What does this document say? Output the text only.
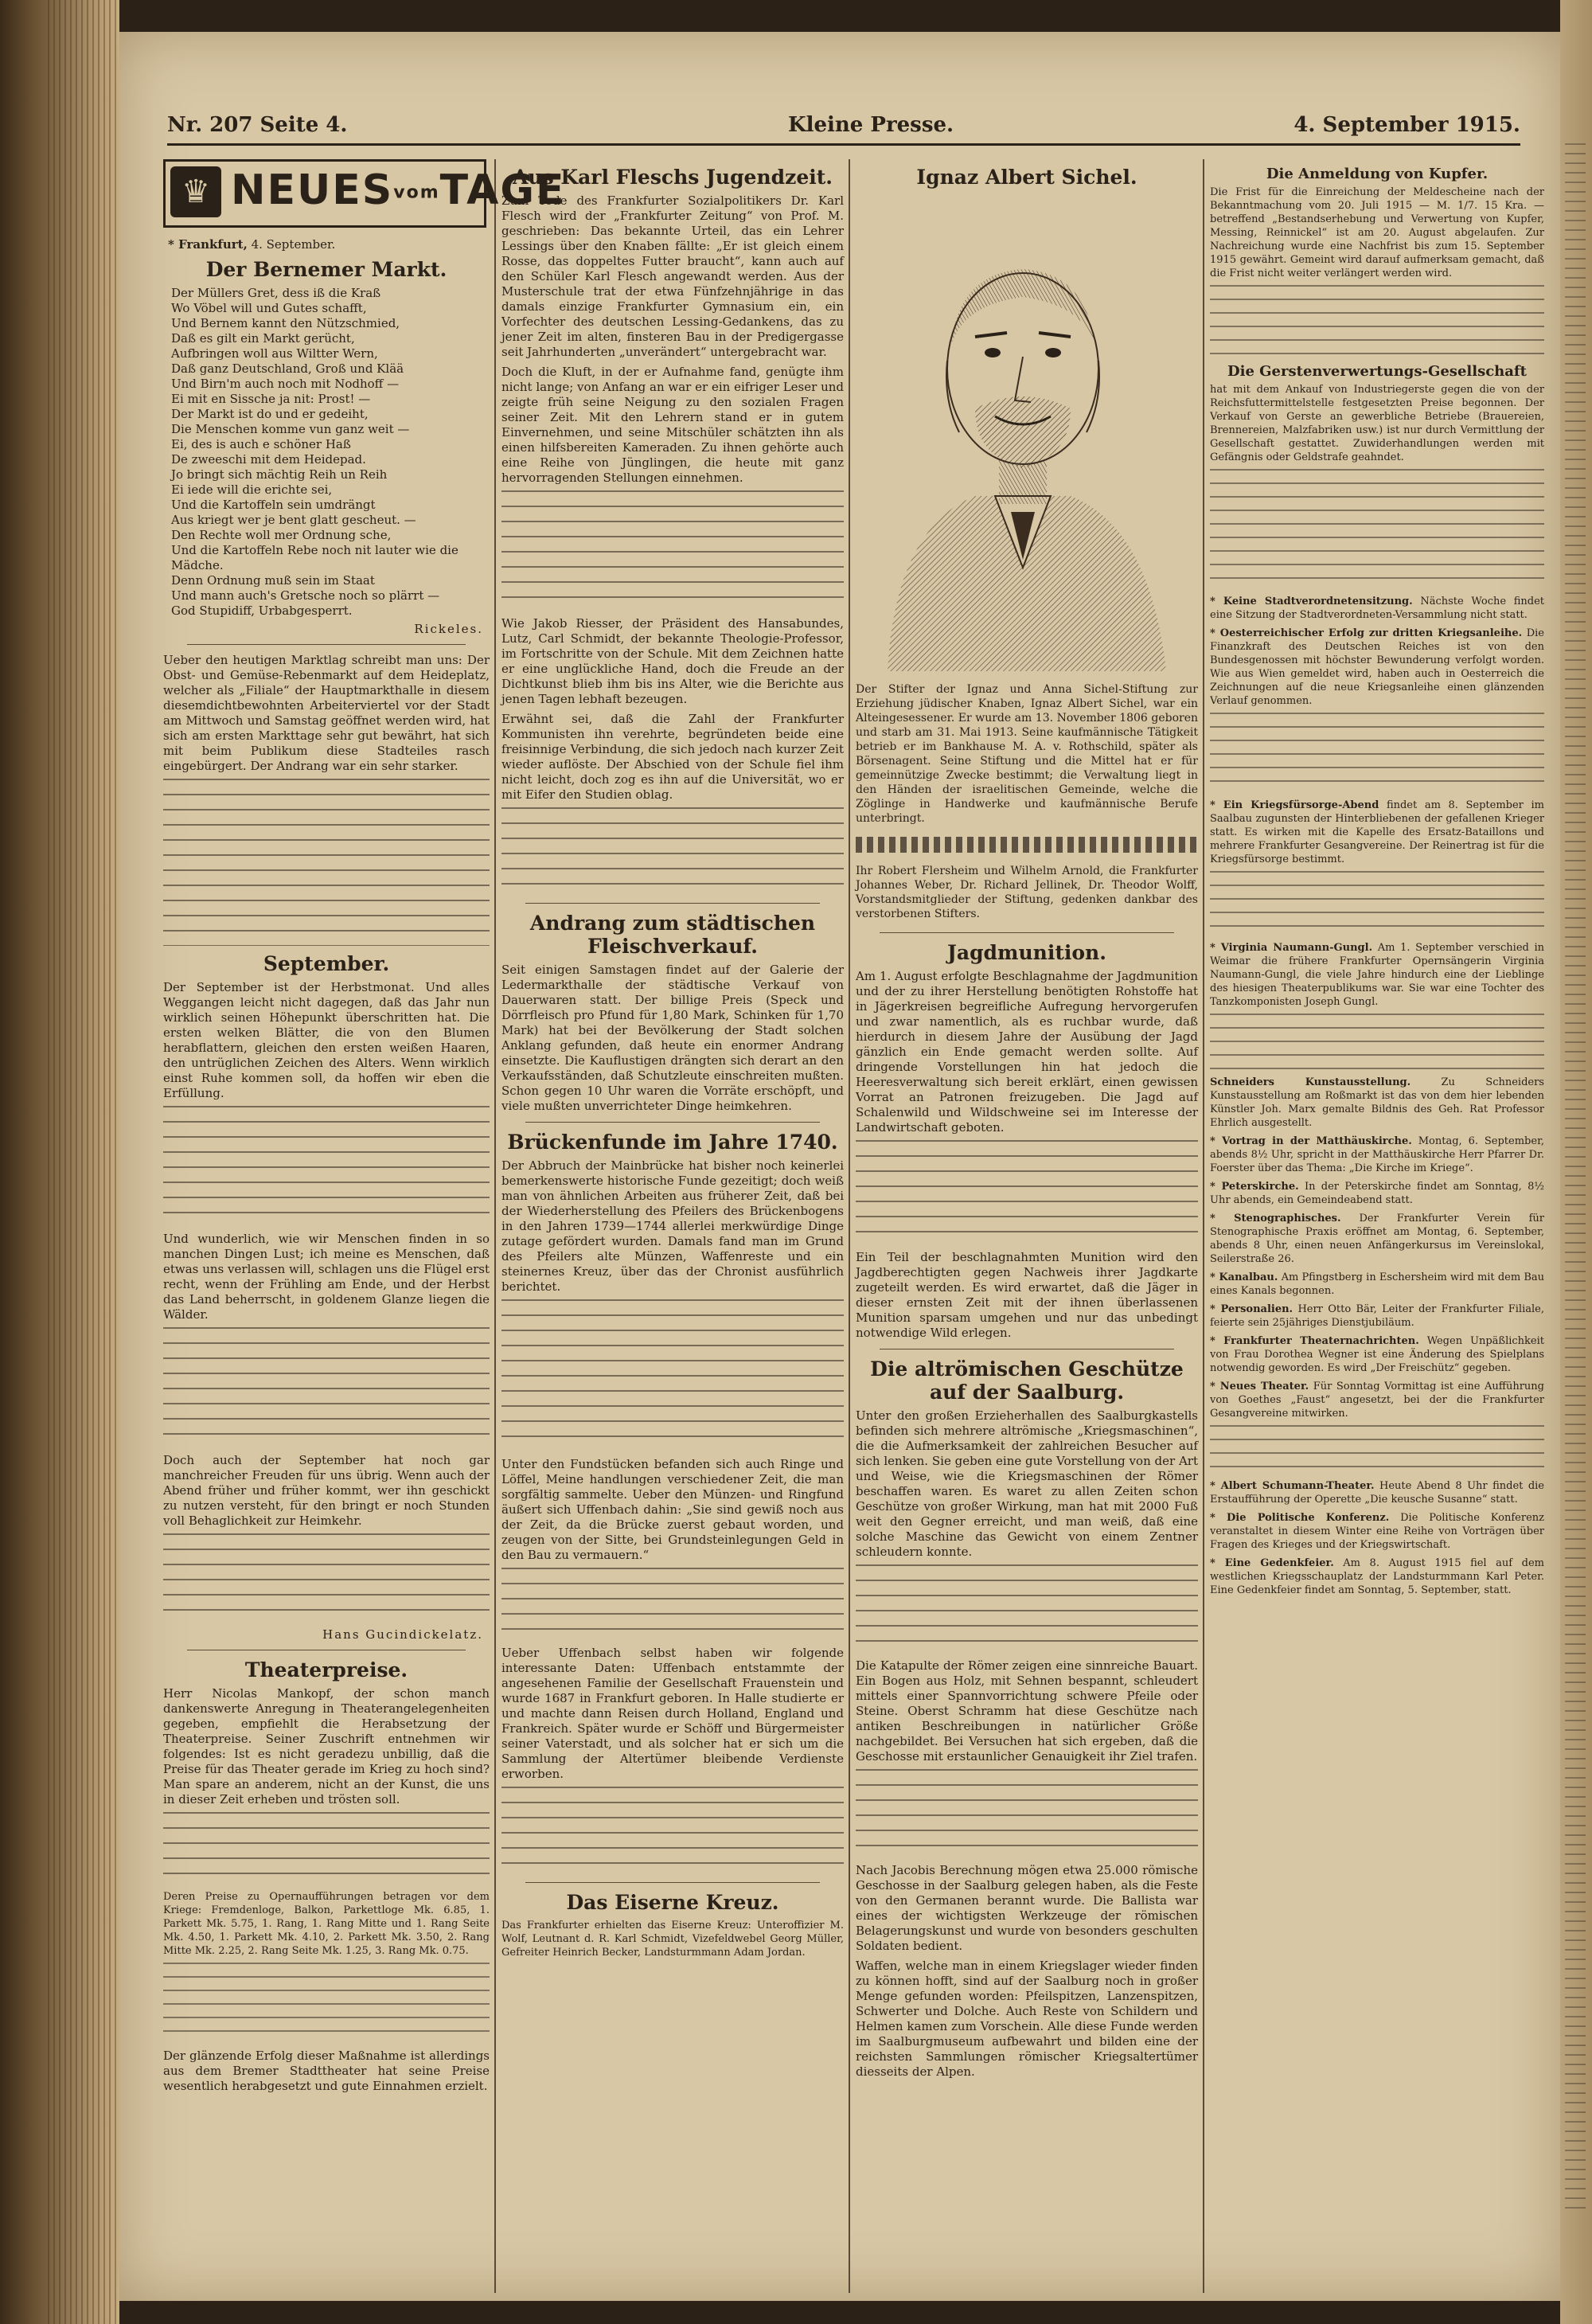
Nr. 207 Seite 4.	Kleine Presse.	4. September 1915.
♛ NEUESvomTAGE
* Frankfurt, 4. September.
Der Bernemer Markt.
Der Müllers Gret, dess iß die Kraß
Wo Vöbel will und Gutes schafft,
Und Bernem kannt den Nützschmied,
Daß es gilt ein Markt gerücht,
Aufbringen woll aus Wiltter Wern,
Daß ganz Deutschland, Groß und Klää
Und Birn'm auch noch mit Nodhoff —
Ei mit en Sissche ja nit: Prost! —
Der Markt ist do und er gedeiht,
Die Menschen komme vun ganz weit —
Ei, des is auch e schöner Haß
De zweeschi mit dem Heidepad.
Jo bringt sich mächtig Reih un Reih
Ei iede will die erichte sei,
Und die Kartoffeln sein umdrängt
Aus kriegt wer je bent glatt gescheut. —
Den Rechte woll mer Ordnung sche,
Und die Kartoffeln Rebe noch nit lauter wie die Mädche.
Denn Ordnung muß sein im Staat
Und mann auch's Gretsche noch so plärrt —
God Stupidiff, Urbabgesperrt.
Rickeles.

Ueber den heutigen Marktlag schreibt man uns: Der Obst- und Gemüse-Rebenmarkt auf dem Heideplatz, welcher als „Filiale“ der Hauptmarkthalle in diesem diesemdichtbewohnten Arbeiterviertel vor der Stadt am Mittwoch und Samstag geöffnet werden wird, hat sich am ersten Markttage sehr gut bewährt, hat sich mit beim Publikum diese Stadteiles rasch eingebürgert. Der Andrang war ein sehr starker.

September.

Der September ist der Herbstmonat. Und alles Weggangen leicht nicht dagegen, daß das Jahr nun wirklich seinen Höhepunkt überschritten hat. Die ersten welken Blätter, die von den Blumen herabflattern, gleichen den ersten weißen Haaren, den untrüglichen Zeichen des Alters. Wenn wirklich einst Ruhe kommen soll, da hoffen wir eben die Erfüllung.

Und wunderlich, wie wir Menschen finden in so manchen Dingen Lust; ich meine es Menschen, daß etwas uns verlassen will, schlagen uns die Flügel erst recht, wenn der Frühling am Ende, und der Herbst das Land beherrscht, in goldenem Glanze liegen die Wälder.

Doch auch der September hat noch gar manchreicher Freuden für uns übrig. Wenn auch der Abend früher und früher kommt, wer ihn geschickt zu nutzen versteht, für den bringt er noch Stunden voll Behaglichkeit zur Heimkehr.

Hans Gucindickelatz.
Theaterpreise.

Herr Nicolas Mankopf, der schon manch dankenswerte Anregung in Theaterangelegenheiten gegeben, empfiehlt die Herabsetzung der Theaterpreise. Seiner Zuschrift entnehmen wir folgendes: Ist es nicht geradezu unbillig, daß die Preise für das Theater gerade im Krieg zu hoch sind? Man spare an anderem, nicht an der Kunst, die uns in dieser Zeit erheben und trösten soll.

Deren Preise zu Opernaufführungen betragen vor dem Kriege: Fremdenloge, Balkon, Parkettloge Mk. 6.85, 1. Parkett Mk. 5.75, 1. Rang, 1. Rang Mitte und 1. Rang Seite Mk. 4.50, 1. Parkett Mk. 4.10, 2. Parkett Mk. 3.50, 2. Rang Mitte Mk. 2.25, 2. Rang Seite Mk. 1.25, 3. Rang Mk. 0.75.

Der glänzende Erfolg dieser Maßnahme ist allerdings aus dem Bremer Stadttheater hat seine Preise wesentlich herabgesetzt und gute Einnahmen erzielt.

Aus Karl Fleschs Jugendzeit.

Zum Tode des Frankfurter Sozialpolitikers Dr. Karl Flesch wird der „Frankfurter Zeitung“ von Prof. M. geschrieben: Das bekannte Urteil, das ein Lehrer Lessings über den Knaben fällte: „Er ist gleich einem Rosse, das doppeltes Futter braucht“, kann auch auf den Schüler Karl Flesch angewandt werden. Aus der Musterschule trat der etwa Fünfzehnjährige in das damals einzige Frankfurter Gymnasium ein, ein Vorfechter des deutschen Lessing-Gedankens, das zu jener Zeit im alten, finsteren Bau in der Predigergasse seit Jahrhunderten „unverändert“ untergebracht war.

Doch die Kluft, in der er Aufnahme fand, genügte ihm nicht lange; von Anfang an war er ein eifriger Leser und zeigte früh seine Neigung zu den sozialen Fragen seiner Zeit. Mit den Lehrern stand er in gutem Einvernehmen, und seine Mitschüler schätzten ihn als einen hilfsbereiten Kameraden. Zu ihnen gehörte auch eine Reihe von Jünglingen, die heute mit ganz hervorragenden Stellungen einnehmen.

Wie Jakob Riesser, der Präsident des Hansabundes, Lutz, Carl Schmidt, der bekannte Theologie-Professor, im Fortschritte von der Schule. Mit dem Zeichnen hatte er eine unglückliche Hand, doch die Freude an der Dichtkunst blieb ihm bis ins Alter, wie die Berichte aus jenen Tagen lebhaft bezeugen.

Erwähnt sei, daß die Zahl der Frankfurter Kommunisten ihn verehrte, begründeten beide eine freisinnige Verbindung, die sich jedoch nach kurzer Zeit wieder auflöste. Der Abschied von der Schule fiel ihm nicht leicht, doch zog es ihn auf die Universität, wo er mit Eifer den Studien oblag.

Andrang zum städtischen Fleischverkauf.

Seit einigen Samstagen findet auf der Galerie der Ledermarkthalle der städtische Verkauf von Dauerwaren statt. Der billige Preis (Speck und Dörrfleisch pro Pfund für 1,80 Mark, Schinken für 1,70 Mark) hat bei der Bevölkerung der Stadt solchen Anklang gefunden, daß heute ein enormer Andrang einsetzte. Die Kauflustigen drängten sich derart an den Verkaufsständen, daß Schutzleute einschreiten mußten. Schon gegen 10 Uhr waren die Vorräte erschöpft, und viele mußten unverrichteter Dinge heimkehren.

Brückenfunde im Jahre 1740.

Der Abbruch der Mainbrücke hat bisher noch keinerlei bemerkenswerte historische Funde gezeitigt; doch weiß man von ähnlichen Arbeiten aus früherer Zeit, daß bei der Wiederherstellung des Pfeilers des Brückenbogens in den Jahren 1739—1744 allerlei merkwürdige Dinge zutage gefördert wurden. Damals fand man im Grund des Pfeilers alte Münzen, Waffenreste und ein steinernes Kreuz, über das der Chronist ausführlich berichtet.

Unter den Fundstücken befanden sich auch Ringe und Löffel, Meine handlungen verschiedener Zeit, die man sorgfältig sammelte. Ueber den Münzen- und Ringfund äußert sich Uffenbach dahin: „Sie sind gewiß noch aus der Zeit, da die Brücke zuerst gebaut worden, und zeugen von der Sitte, bei Grundsteinlegungen Geld in den Bau zu vermauern.“

Ueber Uffenbach selbst haben wir folgende interessante Daten: Uffenbach entstammte der angesehenen Familie der Gesellschaft Frauenstein und wurde 1687 in Frankfurt geboren. In Halle studierte er und machte dann Reisen durch Holland, England und Frankreich. Später wurde er Schöff und Bürgermeister seiner Vaterstadt, und als solcher hat er sich um die Sammlung der Altertümer bleibende Verdienste erworben.

Das Eiserne Kreuz.

Das Frankfurter erhielten das Eiserne Kreuz: Unteroffizier M. Wolf, Leutnant d. R. Karl Schmidt, Vizefeldwebel Georg Müller, Gefreiter Heinrich Becker, Landsturmmann Adam Jordan.

Ignaz Albert Sichel.

Der Stifter der Ignaz und Anna Sichel-Stiftung zur Erziehung jüdischer Knaben, Ignaz Albert Sichel, war ein Alteingesessener. Er wurde am 13. November 1806 geboren und starb am 31. Mai 1913. Seine kaufmännische Tätigkeit betrieb er im Bankhause M. A. v. Rothschild, später als Börsenagent. Seine Stiftung und die Mittel hat er für gemeinnützige Zwecke bestimmt; die Verwaltung liegt in den Händen der israelitischen Gemeinde, welche die Zöglinge in Handwerke und kaufmännische Berufe unterbringt.

Ihr Robert Flersheim und Wilhelm Arnold, die Frankfurter Johannes Weber, Dr. Richard Jellinek, Dr. Theodor Wolff, Vorstandsmitglieder der Stiftung, gedenken dankbar des verstorbenen Stifters.

Jagdmunition.

Am 1. August erfolgte Beschlagnahme der Jagdmunition und der zu ihrer Herstellung benötigten Rohstoffe hat in Jägerkreisen begreifliche Aufregung hervorgerufen und zwar namentlich, als es ruchbar wurde, daß hierdurch in diesem Jahre der Ausübung der Jagd gänzlich ein Ende gemacht werden sollte. Auf dringende Vorstellungen hin hat jedoch die Heeresverwaltung sich bereit erklärt, einen gewissen Vorrat an Patronen freizugeben. Die Jagd auf Schalenwild und Wildschweine sei im Interesse der Landwirtschaft geboten.

Ein Teil der beschlagnahmten Munition wird den Jagdberechtigten gegen Nachweis ihrer Jagdkarte zugeteilt werden. Es wird erwartet, daß die Jäger in dieser ernsten Zeit mit der ihnen überlassenen Munition sparsam umgehen und nur das unbedingt notwendige Wild erlegen.

Die altrömischen Geschütze auf der Saalburg.

Unter den großen Erzieherhallen des Saalburgkastells befinden sich mehrere altrömische „Kriegsmaschinen“, die die Aufmerksamkeit der zahlreichen Besucher auf sich lenken. Sie geben eine gute Vorstellung von der Art und Weise, wie die Kriegsmaschinen der Römer beschaffen waren. Es waret zu allen Zeiten schon Geschütze von großer Wirkung, man hat mit 2000 Fuß weit den Gegner erreicht, und man weiß, daß eine solche Maschine das Gewicht von einem Zentner schleudern konnte.

Die Katapulte der Römer zeigen eine sinnreiche Bauart. Ein Bogen aus Holz, mit Sehnen bespannt, schleudert mittels einer Spannvorrichtung schwere Pfeile oder Steine. Oberst Schramm hat diese Geschütze nach antiken Beschreibungen in natürlicher Größe nachgebildet. Bei Versuchen hat sich ergeben, daß die Geschosse mit erstaunlicher Genauigkeit ihr Ziel trafen.

Nach Jacobis Berechnung mögen etwa 25.000 römische Geschosse in der Saalburg gelegen haben, als die Feste von den Germanen berannt wurde. Die Ballista war eines der wichtigsten Werkzeuge der römischen Belagerungskunst und wurde von besonders geschulten Soldaten bedient.

Waffen, welche man in einem Kriegslager wieder finden zu können hofft, sind auf der Saalburg noch in großer Menge gefunden worden: Pfeilspitzen, Lanzenspitzen, Schwerter und Dolche. Auch Reste von Schildern und Helmen kamen zum Vorschein. Alle diese Funde werden im Saalburgmuseum aufbewahrt und bilden eine der reichsten Sammlungen römischer Kriegsaltertümer diesseits der Alpen.

Die Anmeldung von Kupfer.

Die Frist für die Einreichung der Meldescheine nach der Bekanntmachung vom 20. Juli 1915 — M. 1/7. 15 Kra. — betreffend „Bestandserhebung und Verwertung von Kupfer, Messing, Reinnickel“ ist am 20. August abgelaufen. Zur Nachreichung wurde eine Nachfrist bis zum 15. September 1915 gewährt. Gemeint wird darauf aufmerksam gemacht, daß die Frist nicht weiter verlängert werden wird.

Die Gerstenverwertungs-Gesellschaft

hat mit dem Ankauf von Industriegerste gegen die von der Reichsfuttermittelstelle festgesetzten Preise begonnen. Der Verkauf von Gerste an gewerbliche Betriebe (Brauereien, Brennereien, Malzfabriken usw.) ist nur durch Vermittlung der Gesellschaft gestattet. Zuwiderhandlungen werden mit Gefängnis oder Geldstrafe geahndet.

* Keine Stadtverordnetensitzung. Nächste Woche findet eine Sitzung der Stadtverordneten-Versammlung nicht statt.

* Oesterreichischer Erfolg zur dritten Kriegsanleihe. Die Finanzkraft des Deutschen Reiches ist von den Bundesgenossen mit höchster Bewunderung verfolgt worden. Wie aus Wien gemeldet wird, haben auch in Oesterreich die Zeichnungen auf die neue Kriegsanleihe einen glänzenden Verlauf genommen.

* Ein Kriegsfürsorge-Abend findet am 8. September im Saalbau zugunsten der Hinterbliebenen der gefallenen Krieger statt. Es wirken mit die Kapelle des Ersatz-Bataillons und mehrere Frankfurter Gesangvereine. Der Reinertrag ist für die Kriegsfürsorge bestimmt.

* Virginia Naumann-Gungl. Am 1. September verschied in Weimar die frühere Frankfurter Opernsängerin Virginia Naumann-Gungl, die viele Jahre hindurch eine der Lieblinge des hiesigen Theaterpublikums war. Sie war eine Tochter des Tanzkomponisten Joseph Gungl.

Schneiders Kunstausstellung.	Zu Schneiders Kunstausstellung am Roßmarkt ist das von dem hier lebenden Künstler Joh. Marx gemalte Bildnis des Geh. Rat Professor Ehrlich ausgestellt.

* Vortrag in der Matthäuskirche. Montag, 6. September, abends 8½ Uhr, spricht in der Matthäuskirche Herr Pfarrer Dr. Foerster über das Thema: „Die Kirche im Kriege“.

* Peterskirche. In der Peterskirche findet am Sonntag, 8½ Uhr abends, ein Gemeindeabend statt.

* Stenographisches. Der Frankfurter Verein für Stenographische Praxis eröffnet am Montag, 6. September, abends 8 Uhr, einen neuen Anfängerkursus im Vereinslokal, Seilerstraße 26.

* Kanalbau. Am Pfingstberg in Eschersheim wird mit dem Bau eines Kanals begonnen.

* Personalien. Herr Otto Bär, Leiter der Frankfurter Filiale, feierte sein 25jähriges Dienstjubiläum.

* Frankfurter Theaternachrichten. Wegen Unpäßlichkeit von Frau Dorothea Wegner ist eine Änderung des Spielplans notwendig geworden. Es wird „Der Freischütz“ gegeben.

* Neues Theater. Für Sonntag Vormittag ist eine Aufführung von Goethes „Faust“ angesetzt, bei der die Frankfurter Gesangvereine mitwirken.

* Albert Schumann-Theater. Heute Abend 8 Uhr findet die Erstaufführung der Operette „Die keusche Susanne“ statt.

* Die Politische Konferenz. Die Politische Konferenz veranstaltet in diesem Winter eine Reihe von Vorträgen über Fragen des Krieges und der Kriegswirtschaft.

* Eine Gedenkfeier. Am 8. August 1915 fiel auf dem westlichen Kriegsschauplatz der Landsturmmann Karl Peter. Eine Gedenkfeier findet am Sonntag, 5. September, statt.
